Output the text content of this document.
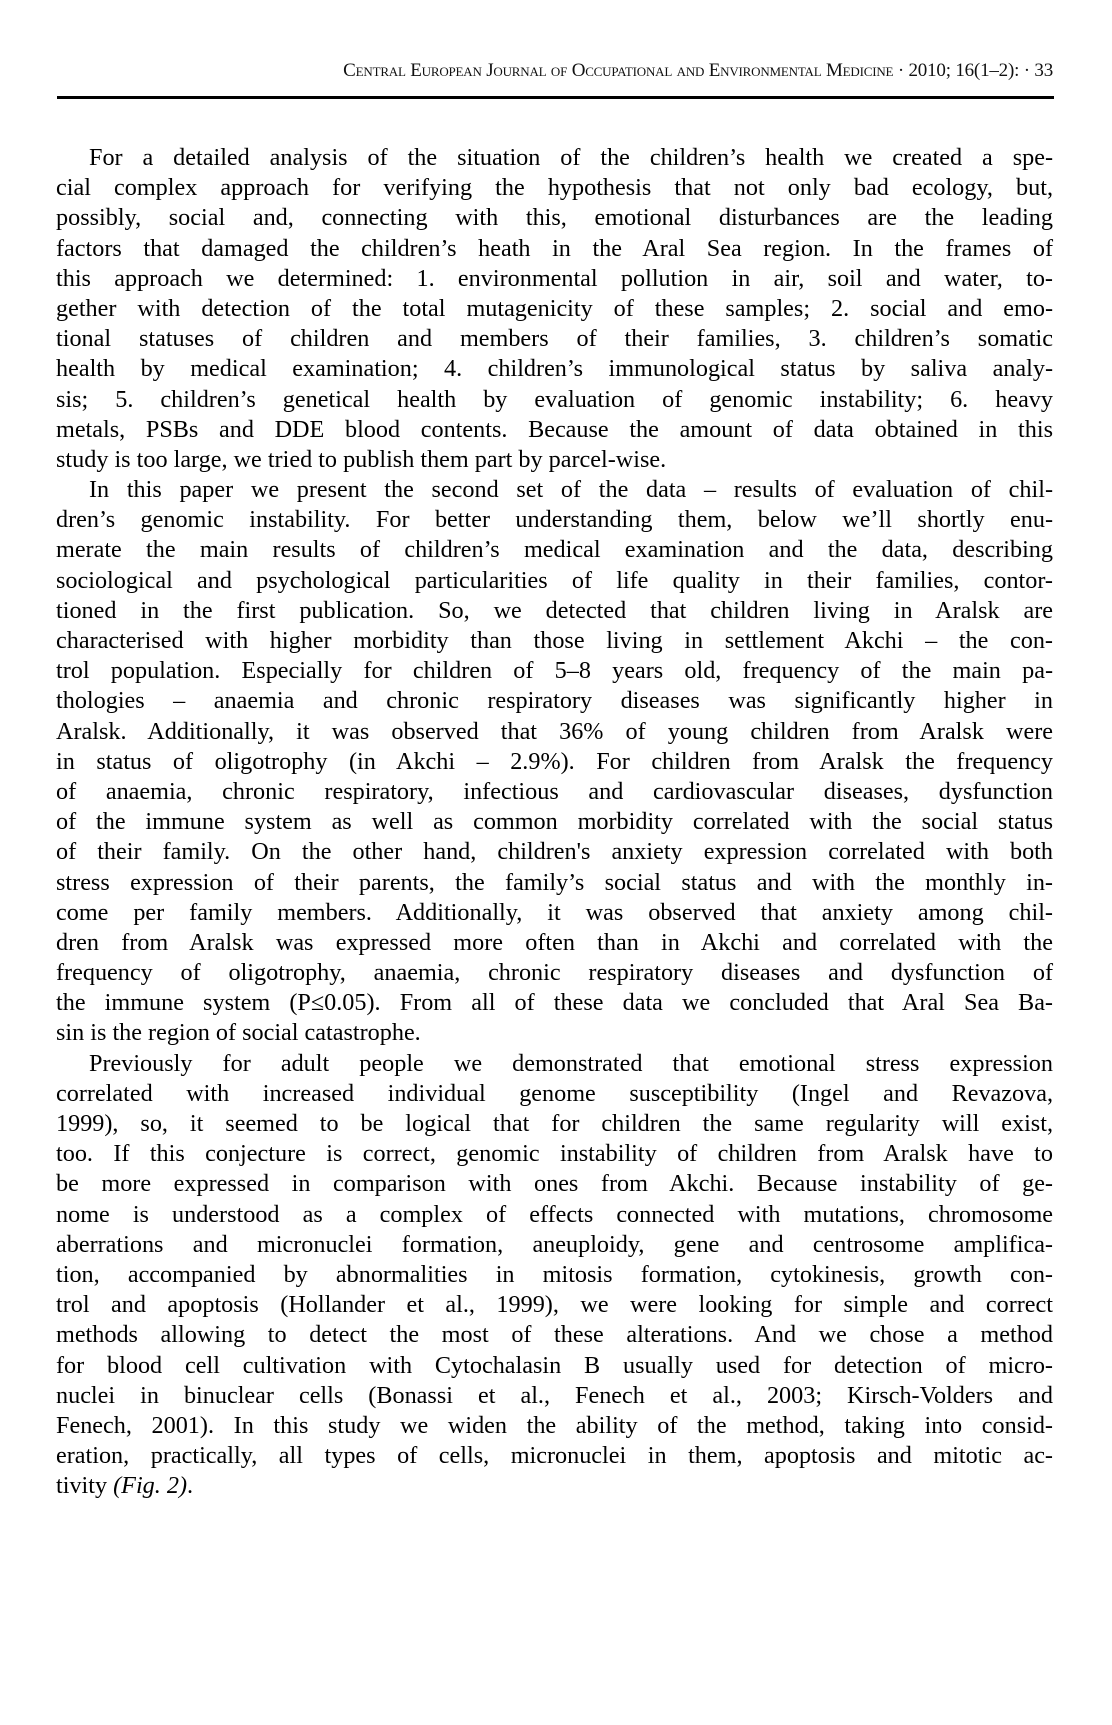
Central European Journal of Occupational and Environmental Medicine · 2010; 16(1–2): · 33
For a detailed analysis of the situation of the children’s health we created a spe-
cial complex approach for verifying the hypothesis that not only bad ecology, but,
possibly, social and, connecting with this, emotional disturbances are the leading
factors that damaged the children’s heath in the Aral Sea region. In the frames of
this approach we determined: 1. environmental pollution in air, soil and water, to-
gether with detection of the total mutagenicity of these samples; 2. social and emo-
tional statuses of children and members of their families, 3. children’s somatic
health by medical examination; 4. children’s immunological status by saliva analy-
sis; 5. children’s genetical health by evaluation of genomic instability; 6. heavy
metals, PSBs and DDE blood contents. Because the amount of data obtained in this
study is too large, we tried to publish them part by parcel-wise.
In this paper we present the second set of the data – results of evaluation of chil-
dren’s genomic instability. For better understanding them, below we’ll shortly enu-
merate the main results of children’s medical examination and the data, describing
sociological and psychological particularities of life quality in their families, contor-
tioned in the first publication. So, we detected that children living in Aralsk are
characterised with higher morbidity than those living in settlement Akchi – the con-
trol population. Especially for children of 5–8 years old, frequency of the main pa-
thologies – anaemia and chronic respiratory diseases was significantly higher in
Aralsk. Additionally, it was observed that 36% of young children from Aralsk were
in status of oligotrophy (in Akchi – 2.9%). For children from Aralsk the frequency
of anaemia, chronic respiratory, infectious and cardiovascular diseases, dysfunction
of the immune system as well as common morbidity correlated with the social status
of their family. On the other hand, children's anxiety expression correlated with both
stress expression of their parents, the family’s social status and with the monthly in-
come per family members. Additionally, it was observed that anxiety among chil-
dren from Aralsk was expressed more often than in Akchi and correlated with the
frequency of oligotrophy, anaemia, chronic respiratory diseases and dysfunction of
the immune system (P≤0.05). From all of these data we concluded that Aral Sea Ba-
sin is the region of social catastrophe.
Previously for adult people we demonstrated that emotional stress expression
correlated with increased individual genome susceptibility (Ingel and Revazova,
1999), so, it seemed to be logical that for children the same regularity will exist,
too. If this conjecture is correct, genomic instability of children from Aralsk have to
be more expressed in comparison with ones from Akchi. Because instability of ge-
nome is understood as a complex of effects connected with mutations, chromosome
aberrations and micronuclei formation, aneuploidy, gene and centrosome amplifica-
tion, accompanied by abnormalities in mitosis formation, cytokinesis, growth con-
trol and apoptosis (Hollander et al., 1999), we were looking for simple and correct
methods allowing to detect the most of these alterations. And we chose a method
for blood cell cultivation with Cytochalasin B usually used for detection of micro-
nuclei in binuclear cells (Bonassi et al., Fenech et al., 2003; Kirsch-Volders and
Fenech, 2001). In this study we widen the ability of the method, taking into consid-
eration, practically, all types of cells, micronuclei in them, apoptosis and mitotic ac-
tivity (Fig. 2).
